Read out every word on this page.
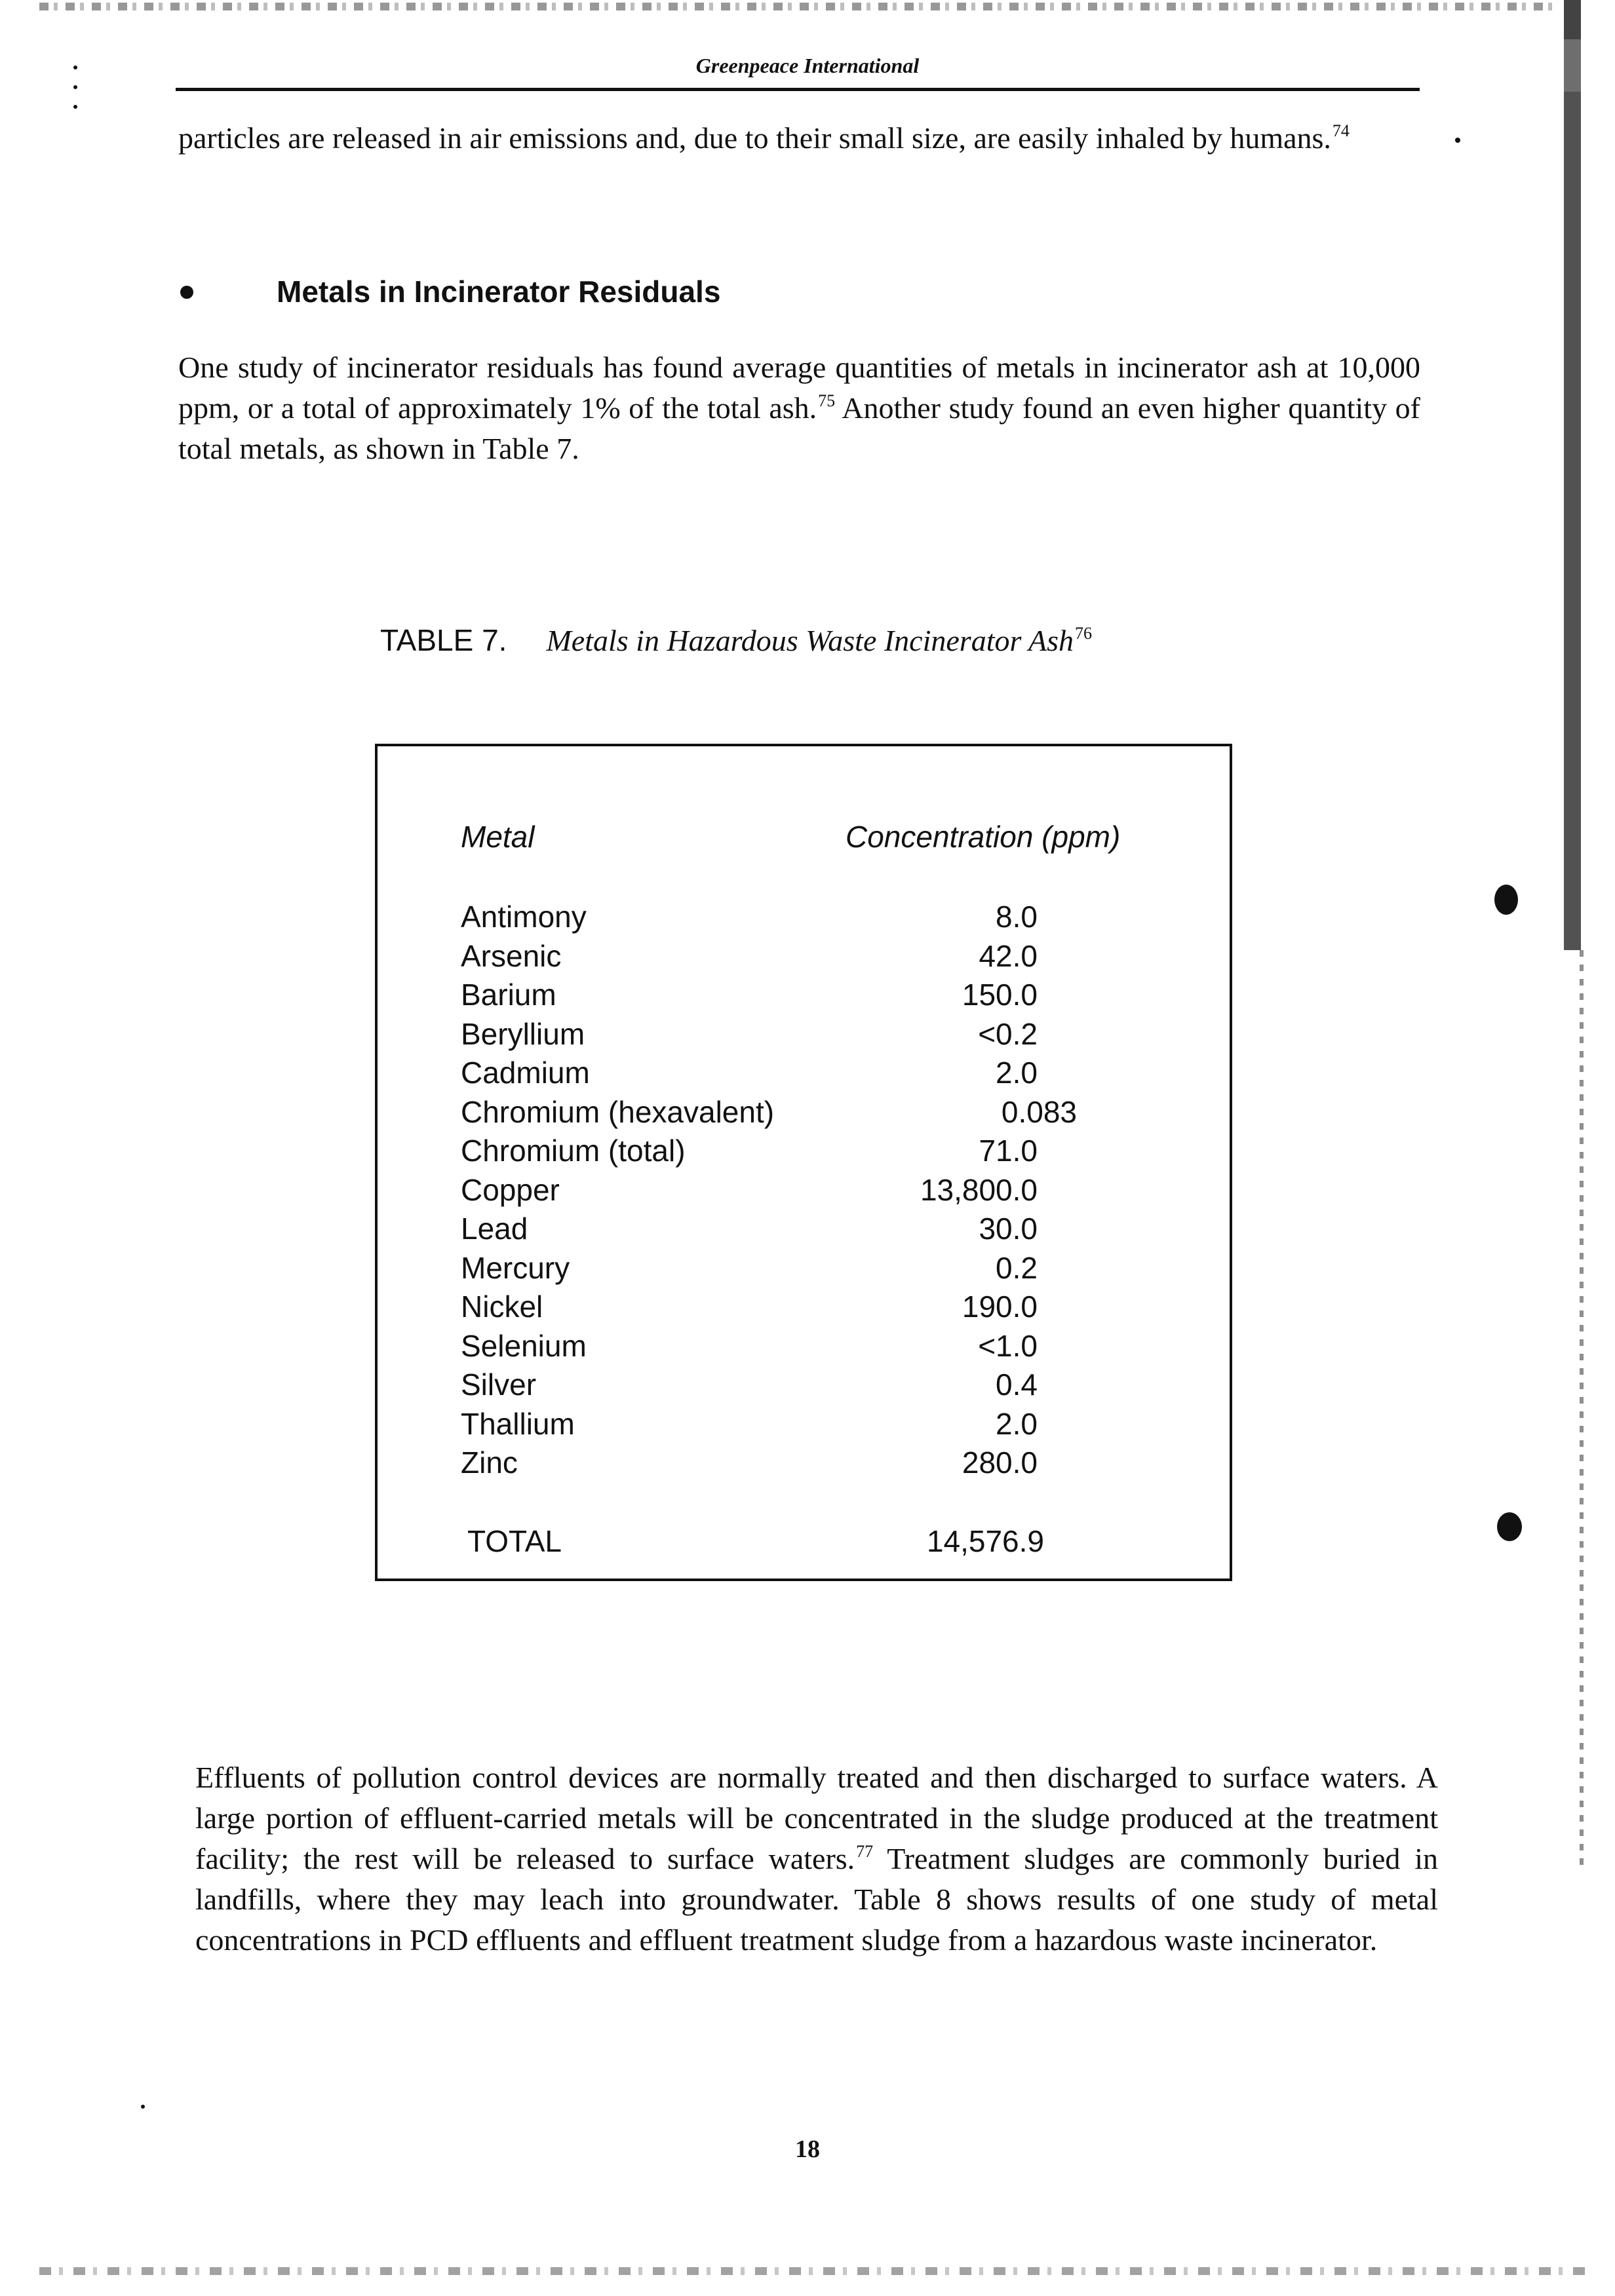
Greenpeace International
particles are released in air emissions and, due to their small size, are easily inhaled by humans.$^{74}$
Metals in Incinerator Residuals
One study of incinerator residuals has found average quantities of metals in incinerator ash at 10,000 ppm, or a total of approximately 1% of the total ash.$^{75}$ Another study found an even higher quantity of total metals, as shown in Table 7.
TABLE 7. Metals in Hazardous Waste Incinerator Ash$^{76}$
Metal	Concentration (ppm)
Antimony	8.0
Arsenic	42.0
Barium	150.0
Beryllium	<0.2
Cadmium	2.0
Chromium (hexavalent)	0.083
Chromium (total)	71.0
Copper	13,800.0
Lead	30.0
Mercury	0.2
Nickel	190.0
Selenium	<1.0
Silver	0.4
Thallium	2.0
Zinc	280.0
TOTAL	14,576.9
Effluents of pollution control devices are normally treated and then discharged to surface waters. A large portion of effluent-carried metals will be concentrated in the sludge produced at the treatment facility; the rest will be released to surface waters.$^{77}$ Treatment sludges are commonly buried in landfills, where they may leach into groundwater. Table 8 shows results of one study of metal concentrations in PCD effluents and effluent treatment sludge from a hazardous waste incinerator.
18
